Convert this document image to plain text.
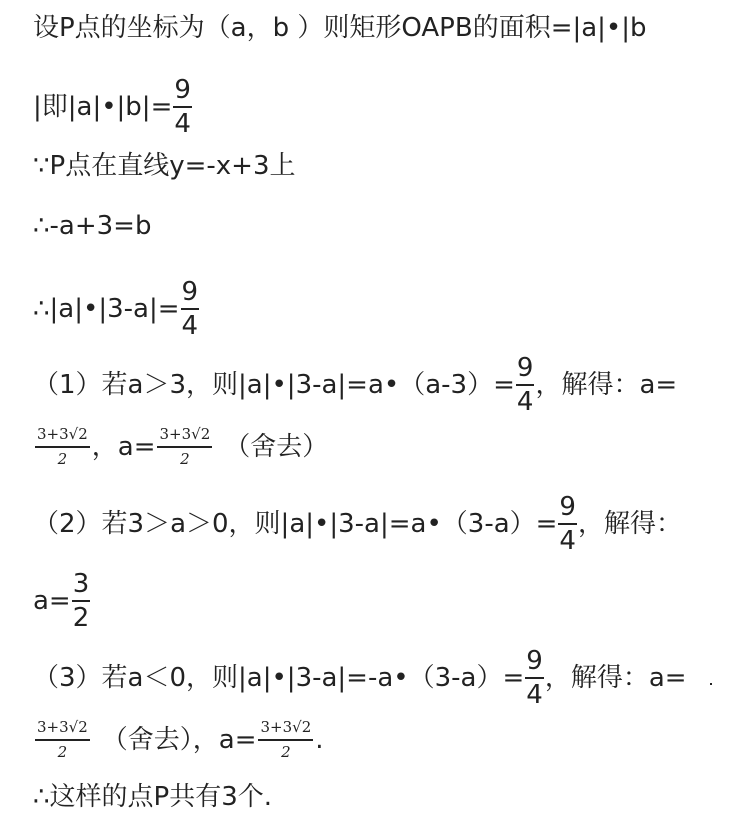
设P点的坐标为（a，b ）则矩形OAPB的面积=|a|•|b
|即|a|•|b|= $\frac{9}{4}$
∵P点在直线y=-x+3上
∴-a+3=b
∴|a|•|3-a|= $\frac{9}{4}$
（1）若a＞3，则|a|•|3-a|=a•（a-3）= $\frac{9}{4}$ ，解得：a=
$\frac{3+3√2}{2}$ ，$a= \frac{3+3√2}{2}$ （舍去）
（2）若3＞a＞0，则|a|•|3-a|=a•（3-a）= $\frac{9}{4}$ ，解得：
$a= \frac{3}{2}$
（3）若a＜0，则|a|•|3-a|=-a•（3-a）= $\frac{9}{4}$ ，解得：a=
$\frac{3+3√2}{2}$ （舍去），$a= \frac{3+3√2}{2}$ .
∴这样的点P共有3个.
